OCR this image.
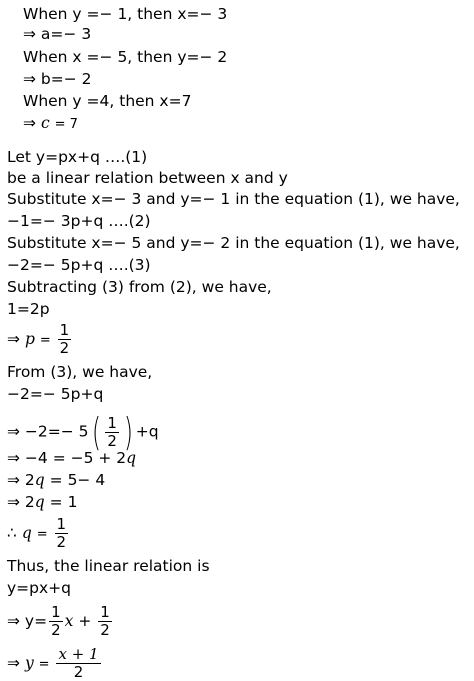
When y =− 1, then x=− 3
⇒ a=− 3
When x =− 5, then y=− 2
⇒ b=− 2
When y =4, then x=7
⇒ c = 7
Let y=px+q ….(1)
be a linear relation between x and y
Substitute x=− 3 and y=− 1 in the equation (1), we have,
−1=− 3p+q ….(2)
Substitute x=− 5 and y=− 2 in the equation (1), we have,
−2=− 5p+q ….(3)
Subtracting (3) from (2), we have,
1=2p
⇒ $p = \frac{1}{2}$
From (3), we have,
−2=− 5p+q
⇒ $-2=- 5( \frac{1}{2}$ ) +q
⇒ −4 = −5 + 2q
⇒ 2q = 5− 4
⇒ 2q = 1
∴ $q = \frac{1}{2}$
Thus, the linear relation is
y=px+q
⇒ $y= \frac{1}{2}$ $x + \frac{1}{2}$
⇒ $y = \frac{x + 1}{2}$
